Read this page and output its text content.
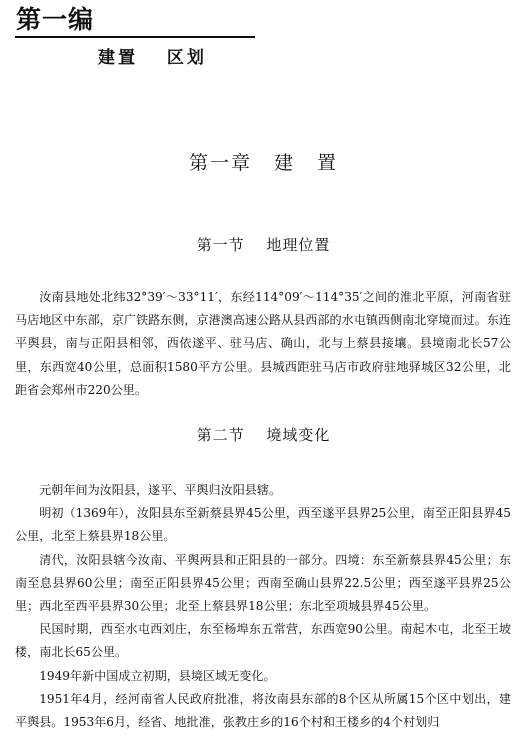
第一编
建置 区划
第一章 建 置
第一节 地理位置

汝南县地处北纬32°39′～33°11′，东经114°09′～114°35′之间的淮北平原，河南省驻马店地区中东部，京广铁路东侧，京港澳高速公路从县西部的水屯镇西侧南北穿境而过。东连平舆县，南与正阳县相邻，西依遂平、驻马店、确山，北与上蔡县接壤。县境南北长57公里，东西宽40公里，总面积1580平方公里。县城西距驻马店市政府驻地驿城区32公里，北距省会郑州市220公里。

第二节 境域变化

元朝年间为汝阳县，遂平、平舆归汝阳县辖。

明初（1369年），汝阳县东至新蔡县界45公里，西至遂平县界25公里，南至正阳县界45公里，北至上蔡县界18公里。

清代，汝阳县辖今汝南、平舆两县和正阳县的一部分。四境：东至新蔡县界45公里；东南至息县界60公里；南至正阳县界45公里；西南至确山县界22.5公里；西至遂平县界25公里；西北至西平县界30公里；北至上蔡县界18公里；东北至项城县界45公里。

民国时期，西至水屯西刘庄，东至杨埠东五常营，东西宽90公里。南起木屯，北至王坡楼，南北长65公里。

1949年新中国成立初期，县境区域无变化。

1951年4月，经河南省人民政府批准，将汝南县东部的8个区从所属15个区中划出，建平舆县。1953年6月，经省、地批准，张教庄乡的16个村和王楼乡的4个村划归
